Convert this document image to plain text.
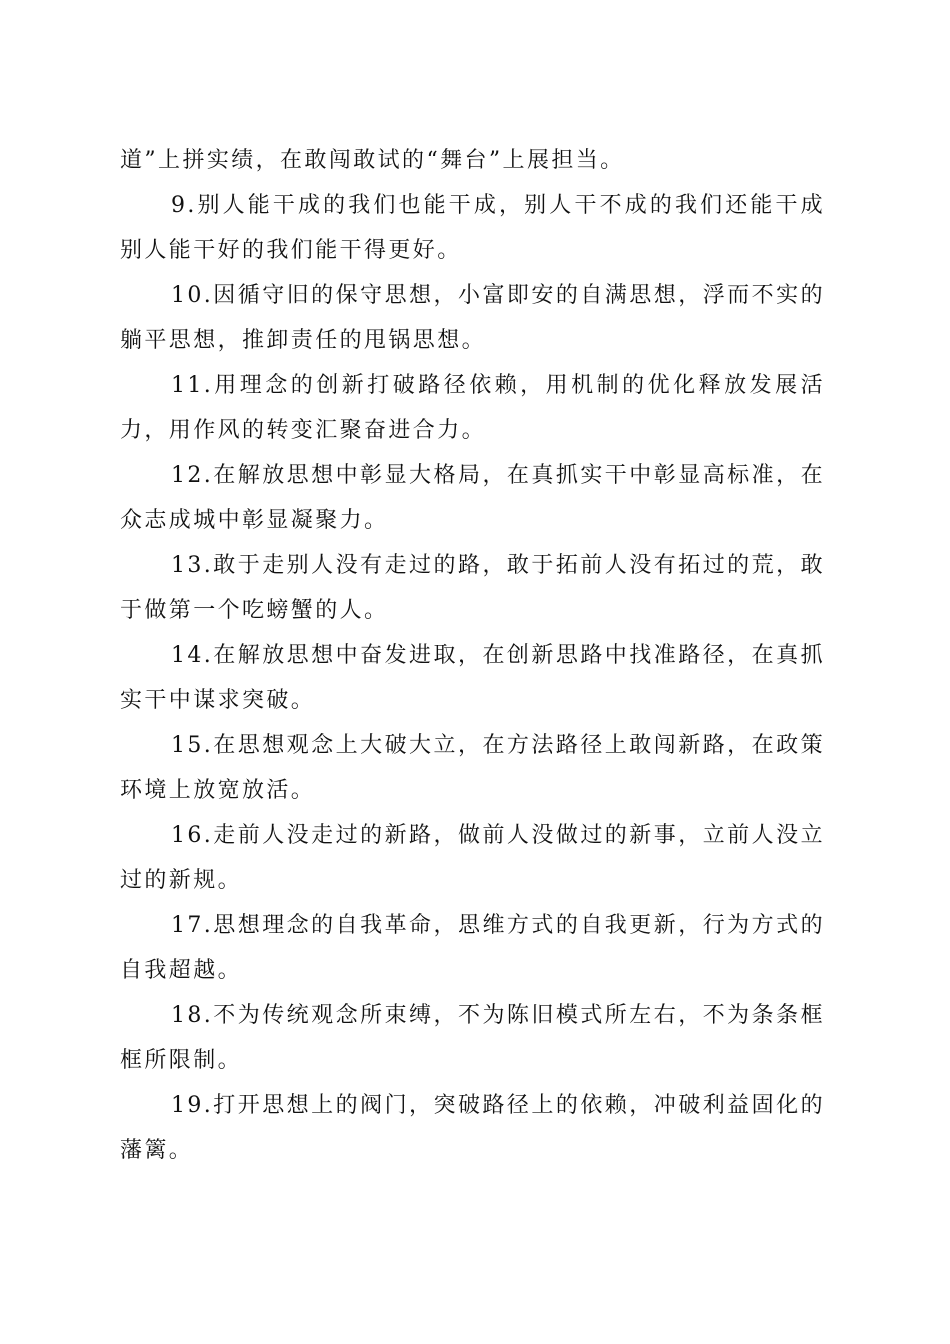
道”上拼实绩，在敢闯敢试的“舞台”上展担当。

9.别人能干成的我们也能干成，别人干不成的我们还能干成别人能干好的我们能干得更好。

10.因循守旧的保守思想，小富即安的自满思想，浮而不实的躺平思想，推卸责任的甩锅思想。

11.用理念的创新打破路径依赖，用机制的优化释放发展活力，用作风的转变汇聚奋进合力。

12.在解放思想中彰显大格局，在真抓实干中彰显高标准，在众志成城中彰显凝聚力。

13.敢于走别人没有走过的路，敢于拓前人没有拓过的荒，敢于做第一个吃螃蟹的人。

14.在解放思想中奋发进取，在创新思路中找准路径，在真抓实干中谋求突破。

15.在思想观念上大破大立，在方法路径上敢闯新路，在政策环境上放宽放活。

16.走前人没走过的新路，做前人没做过的新事，立前人没立过的新规。

17.思想理念的自我革命，思维方式的自我更新，行为方式的自我超越。

18.不为传统观念所束缚，不为陈旧模式所左右，不为条条框框所限制。

19.打开思想上的阀门，突破路径上的依赖，冲破利益固化的藩篱。
